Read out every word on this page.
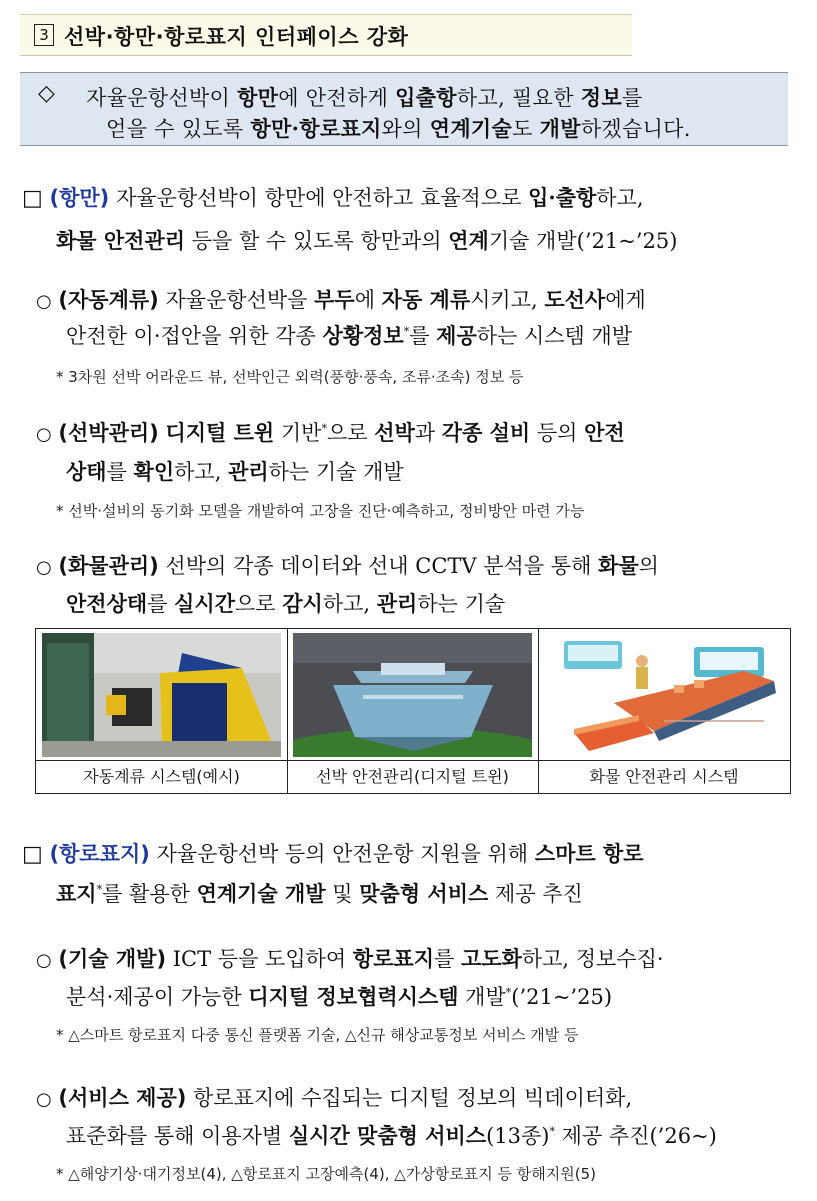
3 선박·항만·항로표지 인터페이스 강화
◇ 자율운항선박이 항만에 안전하게 입출항하고, 필요한 정보를
얻을 수 있도록 항만·항로표지와의 연계기술도 개발하겠습니다.
□ (항만) 자율운항선박이 항만에 안전하고 효율적으로 입·출항하고,
화물 안전관리 등을 할 수 있도록 항만과의 연계기술 개발(’21~’25)
○ (자동계류) 자율운항선박을 부두에 자동 계류시키고, 도선사에게
안전한 이·접안을 위한 각종 상황정보*를 제공하는 시스템 개발
* 3차원 선박 어라운드 뷰, 선박인근 외력(풍향·풍속, 조류·조속) 정보 등
○ (선박관리) 디지털 트윈 기반*으로 선박과 각종 설비 등의 안전
상태를 확인하고, 관리하는 기술 개발
* 선박·설비의 동기화 모델을 개발하여 고장을 진단·예측하고, 정비방안 마련 가능
○ (화물관리) 선박의 각종 데이터와 선내 CCTV 분석을 통해 화물의
안전상태를 실시간으로 감시하고, 관리하는 기술
자동계류 시스템(예시)	선박 안전관리(디지털 트윈)	화물 안전관리 시스템
□ (항로표지) 자율운항선박 등의 안전운항 지원을 위해 스마트 항로
표지*를 활용한 연계기술 개발 및 맞춤형 서비스 제공 추진
○ (기술 개발) ICT 등을 도입하여 항로표지를 고도화하고, 정보수집·
분석·제공이 가능한 디지털 정보협력시스템 개발*(’21~’25)
* △스마트 항로표지 다중 통신 플랫폼 기술, △신규 해상교통정보 서비스 개발 등
○ (서비스 제공) 항로표지에 수집되는 디지털 정보의 빅데이터화,
표준화를 통해 이용자별 실시간 맞춤형 서비스(13종)* 제공 추진(’26~)
* △해양기상·대기정보(4), △항로표지 고장예측(4), △가상항로표지 등 항해지원(5)
